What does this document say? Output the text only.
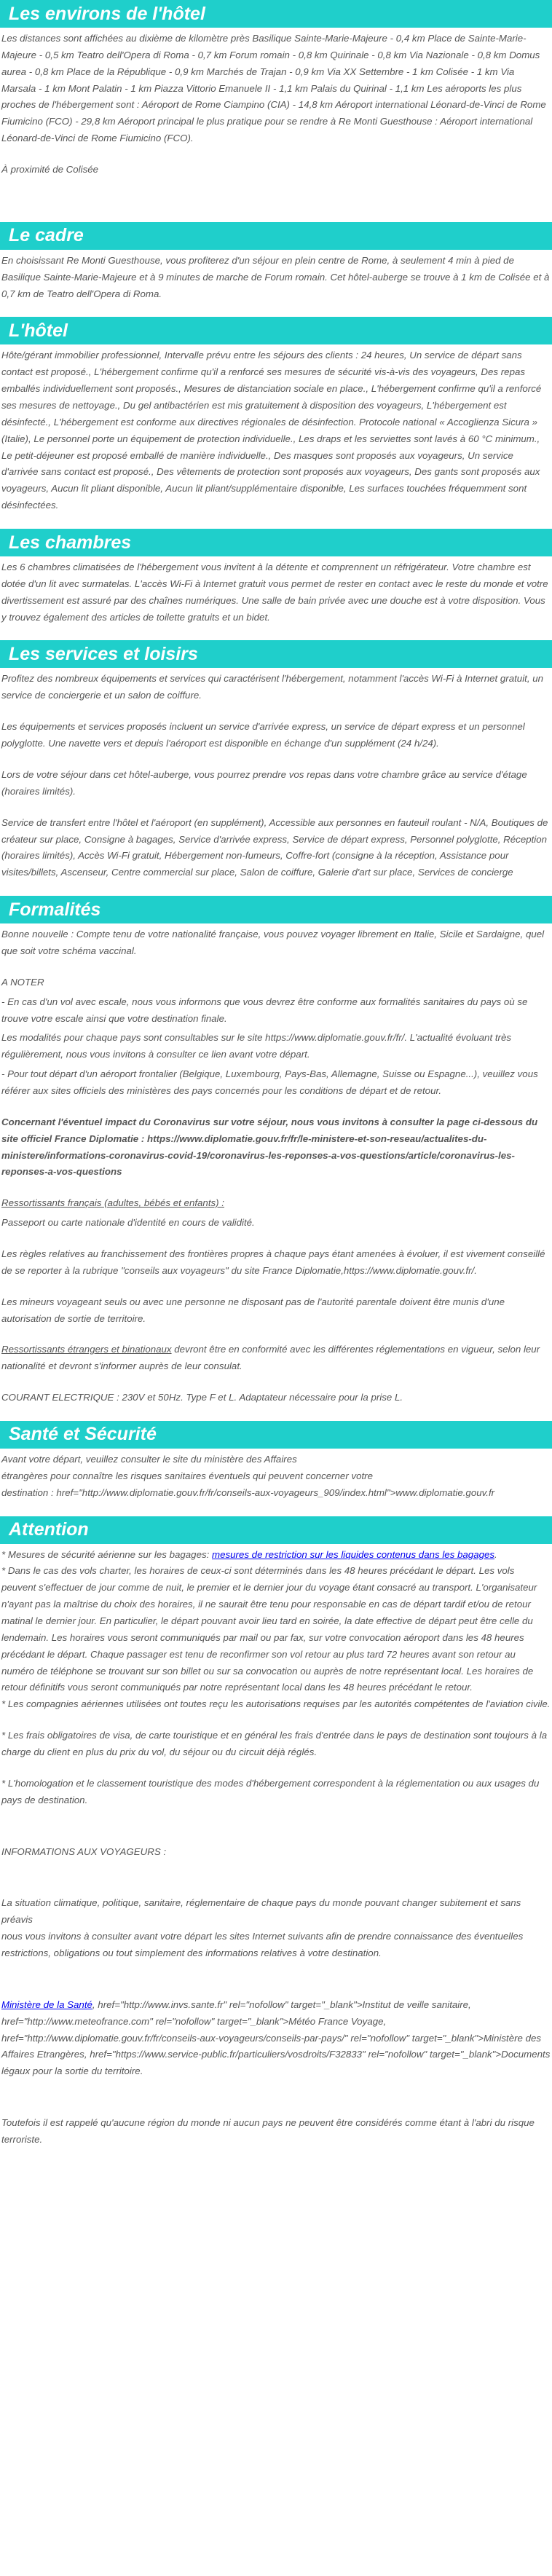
Les environs de l'hôtel

Les distances sont affichées au dixième de kilomètre près Basilique Sainte-Marie-Majeure - 0,4 km Place de Sainte-Marie-Majeure - 0,5 km Teatro dell'Opera di Roma - 0,7 km Forum romain - 0,8 km Quirinale - 0,8 km Via Nazionale - 0,8 km Domus aurea - 0,8 km Place de la République - 0,9 km Marchés de Trajan - 0,9 km Via XX Settembre - 1 km Colisée - 1 km Via Marsala - 1 km Mont Palatin - 1 km Piazza Vittorio Emanuele II - 1,1 km Palais du Quirinal - 1,1 km Les aéroports les plus proches de l'hébergement sont : Aéroport de Rome Ciampino (CIA) - 14,8 km Aéroport international Léonard-de-Vinci de Rome Fiumicino (FCO) - 29,8 km Aéroport principal le plus pratique pour se rendre à Re Monti Guesthouse : Aéroport international Léonard-de-Vinci de Rome Fiumicino (FCO).

À proximité de Colisée

Le cadre

En choisissant Re Monti Guesthouse, vous profiterez d'un séjour en plein centre de Rome, à seulement 4 min à pied de Basilique Sainte-Marie-Majeure et à 9 minutes de marche de Forum romain. Cet hôtel-auberge se trouve à 1 km de Colisée et à 0,7 km de Teatro dell'Opera di Roma.

L'hôtel

Hôte/gérant immobilier professionnel, Intervalle prévu entre les séjours des clients : 24 heures, Un service de départ sans contact est proposé., L'hébergement confirme qu'il a renforcé ses mesures de sécurité vis-à-vis des voyageurs, Des repas emballés individuellement sont proposés., Mesures de distanciation sociale en place., L'hébergement confirme qu'il a renforcé ses mesures de nettoyage., Du gel antibactérien est mis gratuitement à disposition des voyageurs, L'hébergement est désinfecté., L'hébergement est conforme aux directives régionales de désinfection. Protocole national « Accoglienza Sicura » (Italie), Le personnel porte un équipement de protection individuelle., Les draps et les serviettes sont lavés à 60 °C minimum., Le petit-déjeuner est proposé emballé de manière individuelle., Des masques sont proposés aux voyageurs, Un service d'arrivée sans contact est proposé., Des vêtements de protection sont proposés aux voyageurs, Des gants sont proposés aux voyageurs, Aucun lit pliant disponible, Aucun lit pliant/supplémentaire disponible, Les surfaces touchées fréquemment sont désinfectées.

Les chambres

Les 6 chambres climatisées de l'hébergement vous invitent à la détente et comprennent un réfrigérateur. Votre chambre est dotée d'un lit avec surmatelas. L'accès Wi-Fi à Internet gratuit vous permet de rester en contact avec le reste du monde et votre divertissement est assuré par des chaînes numériques. Une salle de bain privée avec une douche est à votre disposition. Vous y trouvez également des articles de toilette gratuits et un bidet.

Les services et loisirs

Profitez des nombreux équipements et services qui caractérisent l'hébergement, notamment l'accès Wi-Fi à Internet gratuit, un service de conciergerie et un salon de coiffure.

Les équipements et services proposés incluent un service d'arrivée express, un service de départ express et un personnel polyglotte. Une navette vers et depuis l'aéroport est disponible en échange d'un supplément (24 h/24).

Lors de votre séjour dans cet hôtel-auberge, vous pourrez prendre vos repas dans votre chambre grâce au service d'étage (horaires limités).

Service de transfert entre l'hôtel et l'aéroport (en supplément), Accessible aux personnes en fauteuil roulant - N/A, Boutiques de créateur sur place, Consigne à bagages, Service d'arrivée express, Service de départ express, Personnel polyglotte, Réception (horaires limités), Accès Wi-Fi gratuit, Hébergement non-fumeurs, Coffre-fort (consigne à la réception, Assistance pour visites/billets, Ascenseur, Centre commercial sur place, Salon de coiffure, Galerie d'art sur place, Services de concierge

Formalités

Bonne nouvelle : Compte tenu de votre nationalité française, vous pouvez voyager librement en Italie, Sicile et Sardaigne, quel que soit votre schéma vaccinal.

A NOTER

- En cas d'un vol avec escale, nous vous informons que vous devrez être conforme aux formalités sanitaires du pays où se trouve votre escale ainsi que votre destination finale.

Les modalités pour chaque pays sont consultables sur le site https://www.diplomatie.gouv.fr/fr/. L'actualité évoluant très régulièrement, nous vous invitons à consulter ce lien avant votre départ.

- Pour tout départ d'un aéroport frontalier (Belgique, Luxembourg, Pays-Bas, Allemagne, Suisse ou Espagne...), veuillez vous référer aux sites officiels des ministères des pays concernés pour les conditions de départ et de retour.

Concernant l'éventuel impact du Coronavirus sur votre séjour, nous vous invitons à consulter la page ci-dessous du site officiel France Diplomatie : https://www.diplomatie.gouv.fr/fr/le-ministere-et-son-reseau/actualites-du-ministere/informations-coronavirus-covid-19/coronavirus-les-reponses-a-vos-questions/article/coronavirus-les-reponses-a-vos-questions

Ressortissants français (adultes, bébés et enfants) :

Passeport ou carte nationale d'identité en cours de validité.

Les règles relatives au franchissement des frontières propres à chaque pays étant amenées à évoluer, il est vivement conseillé de se reporter à la rubrique "conseils aux voyageurs" du site France Diplomatie,https://www.diplomatie.gouv.fr/.

Les mineurs voyageant seuls ou avec une personne ne disposant pas de l'autorité parentale doivent être munis d'une autorisation de sortie de territoire.

Ressortissants étrangers et binationaux devront être en conformité avec les différentes réglementations en vigueur, selon leur nationalité et devront s'informer auprès de leur consulat.

COURANT ELECTRIQUE : 230V et 50Hz. Type F et L. Adaptateur nécessaire pour la prise L.

Santé et Sécurité

Avant votre départ, veuillez consulter le site du ministère des Affaires
étrangères pour connaître les risques sanitaires éventuels qui peuvent concerner votre
destination : href="http://www.diplomatie.gouv.fr/fr/conseils-aux-voyageurs_909/index.html">www.diplomatie.gouv.fr

Attention

* Mesures de sécurité aérienne sur les bagages: mesures de restriction sur les liquides contenus dans les bagages.
* Dans le cas des vols charter, les horaires de ceux-ci sont déterminés dans les 48 heures précédant le départ. Les vols peuvent s'effectuer de jour comme de nuit, le premier et le dernier jour du voyage étant consacré au transport. L'organisateur n'ayant pas la maîtrise du choix des horaires, il ne saurait être tenu pour responsable en cas de départ tardif et/ou de retour matinal le dernier jour. En particulier, le départ pouvant avoir lieu tard en soirée, la date effective de départ peut être celle du lendemain. Les horaires vous seront communiqués par mail ou par fax, sur votre convocation aéroport dans les 48 heures précédant le départ. Chaque passager est tenu de reconfirmer son vol retour au plus tard 72 heures avant son retour au numéro de téléphone se trouvant sur son billet ou sur sa convocation ou auprès de notre représentant local. Les horaires de retour définitifs vous seront communiqués par notre représentant local dans les 48 heures précédant le retour.
* Les compagnies aériennes utilisées ont toutes reçu les autorisations requises par les autorités compétentes de l'aviation civile.

* Les frais obligatoires de visa, de carte touristique et en général les frais d'entrée dans le pays de destination sont toujours à la charge du client en plus du prix du vol, du séjour ou du circuit déjà réglés.

* L'homologation et le classement touristique des modes d'hébergement correspondent à la réglementation ou aux usages du pays de destination.

INFORMATIONS AUX VOYAGEURS :

La situation climatique, politique, sanitaire, réglementaire de chaque pays du monde pouvant changer subitement et sans préavis
nous vous invitons à consulter avant votre départ les sites Internet suivants afin de prendre connaissance des éventuelles restrictions, obligations ou tout simplement des informations relatives à votre destination.

Ministère de la Santé, href="http://www.invs.sante.fr" rel="nofollow" target="_blank">Institut de veille sanitaire, href="http://www.meteofrance.com" rel="nofollow" target="_blank">Météo France Voyage, href="http://www.diplomatie.gouv.fr/fr/conseils-aux-voyageurs/conseils-par-pays/" rel="nofollow" target="_blank">Ministère des Affaires Etrangères, href="https://www.service-public.fr/particuliers/vosdroits/F32833" rel="nofollow" target="_blank">Documents légaux pour la sortie du territoire.

Toutefois il est rappelé qu'aucune région du monde ni aucun pays ne peuvent être considérés comme étant à l'abri du risque terroriste.
